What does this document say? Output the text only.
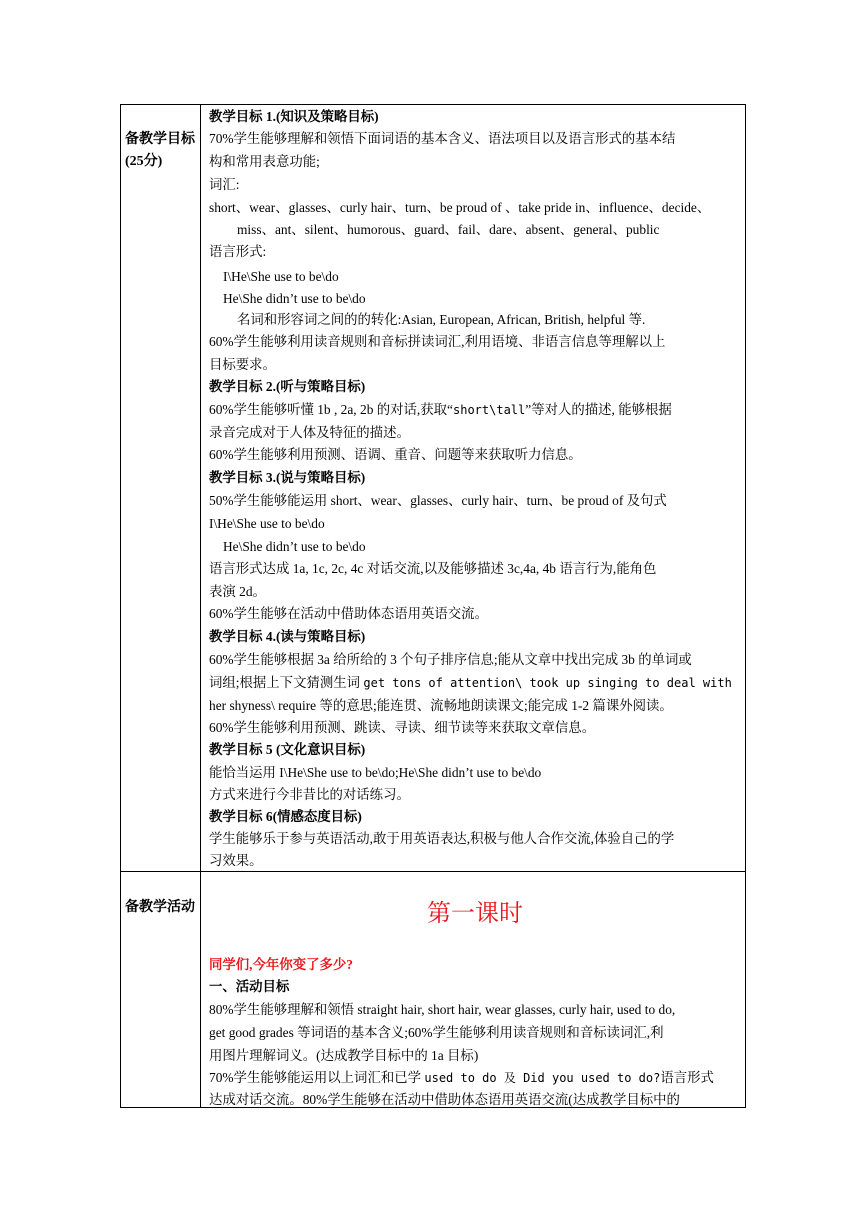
备教学目标(25分)
备教学活动
教学目标 1.(知识及策略目标)
70%学生能够理解和领悟下面词语的基本含义、语法项目以及语言形式的基本结
构和常用表意功能;
词汇:
short、wear、glasses、curly hair、turn、be proud of 、take pride in、influence、decide、
miss、ant、silent、humorous、guard、fail、dare、absent、general、public
语言形式:
I\He\She use to be\do
He\She didn’t use to be\do
名词和形容词之间的的转化:Asian, European, African, British, helpful 等.
60%学生能够利用读音规则和音标拼读词汇,利用语境、非语言信息等理解以上
目标要求。
教学目标 2.(听与策略目标)
60%学生能够听懂 1b , 2a, 2b 的对话,获取“short\tall”等对人的描述, 能够根据
录音完成对于人体及特征的描述。
60%学生能够利用预测、语调、重音、问题等来获取听力信息。
教学目标 3.(说与策略目标)
50%学生能够能运用 short、wear、glasses、curly hair、turn、be proud of 及句式
I\He\She use to be\do
He\She didn’t use to be\do
语言形式达成 1a, 1c, 2c, 4c 对话交流,以及能够描述 3c,4a, 4b 语言行为,能角色
表演 2d。
60%学生能够在活动中借助体态语用英语交流。
教学目标 4.(读与策略目标)
60%学生能够根据 3a 给所给的 3 个句子排序信息;能从文章中找出完成 3b 的单词或
词组;根据上下文猜测生词 get tons of attention\ took up singing to deal with
her shyness\ require 等的意思;能连贯、流畅地朗读课文;能完成 1-2 篇课外阅读。
60%学生能够利用预测、跳读、寻读、细节读等来获取文章信息。
教学目标 5 (文化意识目标)
能恰当运用 I\He\She use to be\do;He\She didn’t use to be\do
方式来进行今非昔比的对话练习。
教学目标 6(情感态度目标)
学生能够乐于参与英语活动,敢于用英语表达,积极与他人合作交流,体验自己的学
习效果。
第一课时
同学们,今年你变了多少?
一、活动目标
80%学生能够理解和领悟 straight hair, short hair, wear glasses, curly hair, used to do,
get good grades 等词语的基本含义;60%学生能够利用读音规则和音标读词汇,利
用图片理解词义。(达成教学目标中的 1a 目标)
70%学生能够能运用以上词汇和已学 used to do 及 Did you used to do?语言形式
达成对话交流。80%学生能够在活动中借助体态语用英语交流(达成教学目标中的
